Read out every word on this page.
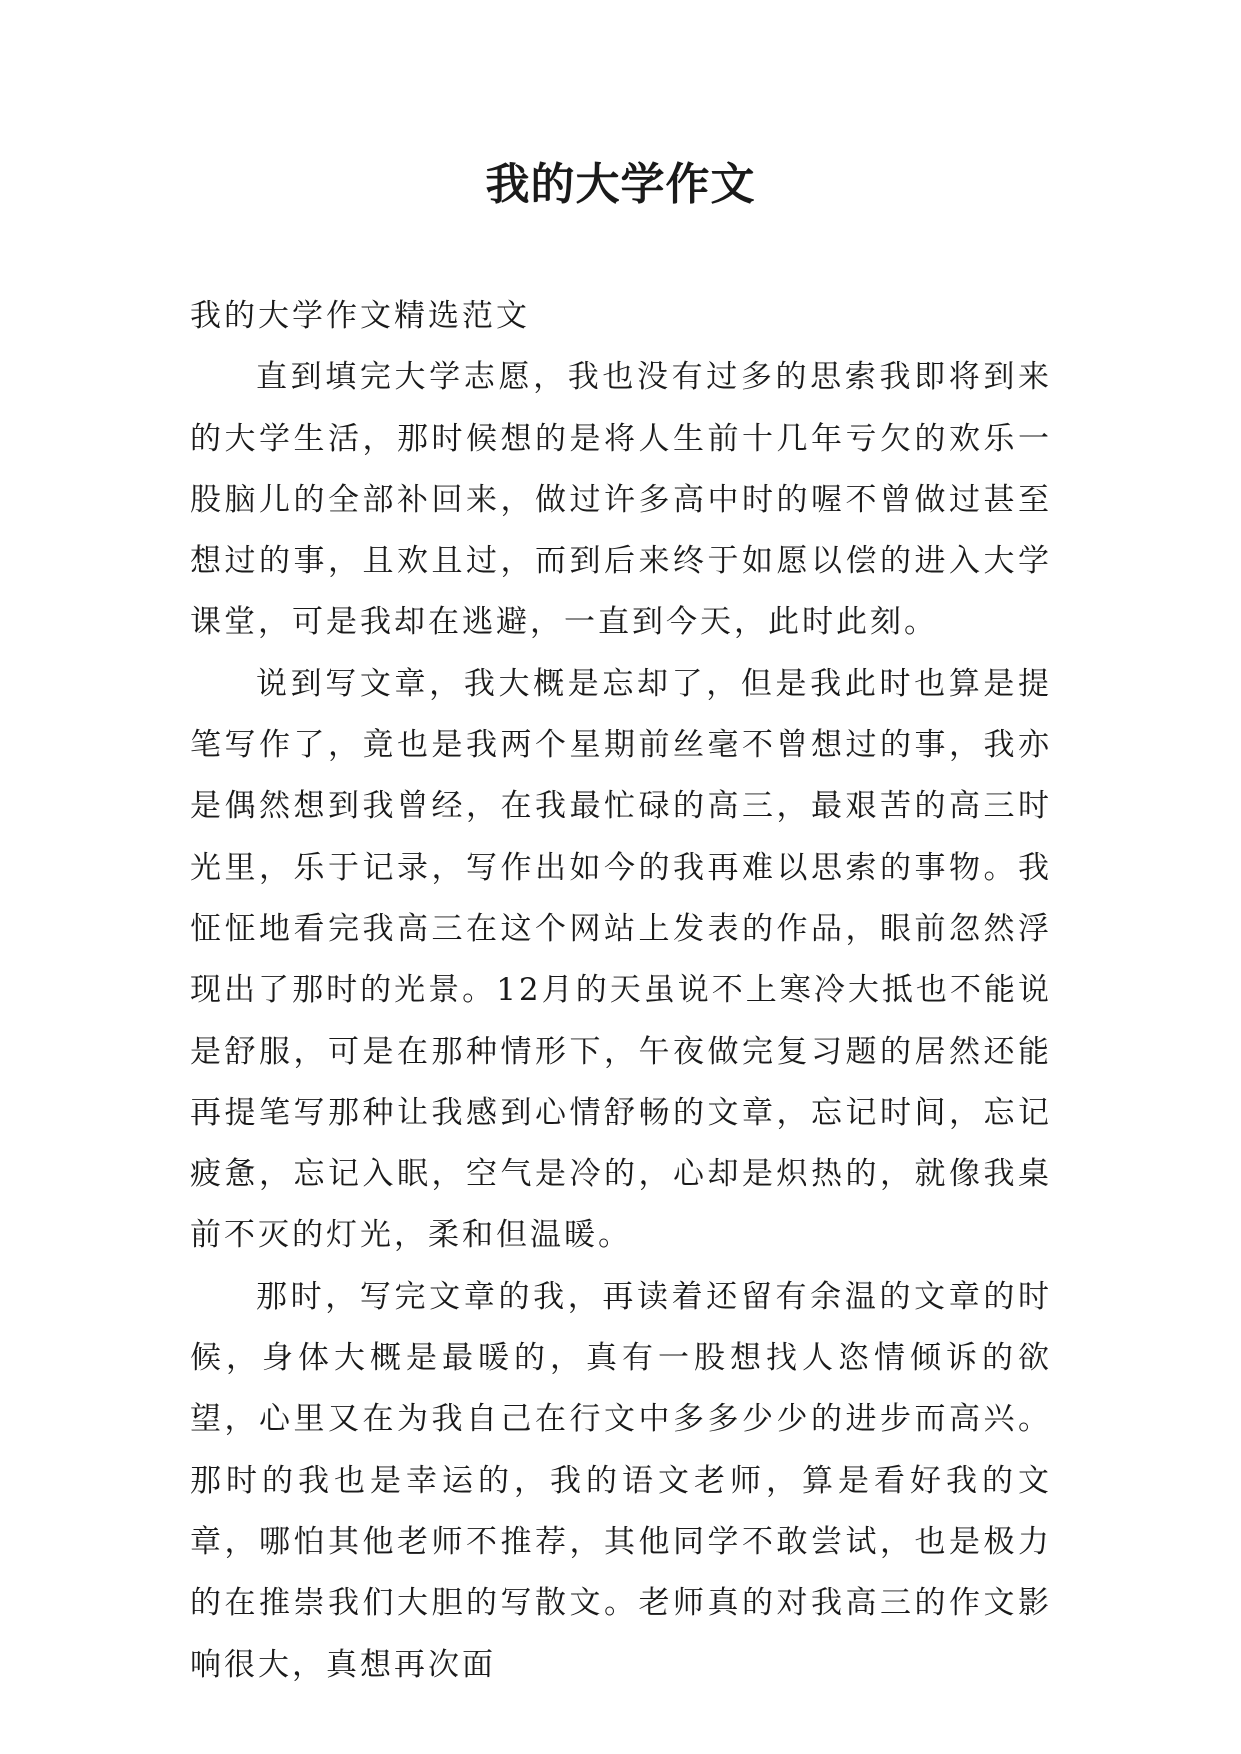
我的大学作文

我的大学作文精选范文

直到填完大学志愿，我也没有过多的思索我即将到来的大学生活，那时候想的是将人生前十几年亏欠的欢乐一股脑儿的全部补回来，做过许多高中时的喔不曾做过甚至想过的事，且欢且过，而到后来终于如愿以偿的进入大学课堂，可是我却在逃避，一直到今天，此时此刻。

说到写文章，我大概是忘却了，但是我此时也算是提笔写作了，竟也是我两个星期前丝毫不曾想过的事，我亦是偶然想到我曾经，在我最忙碌的高三，最艰苦的高三时光里，乐于记录，写作出如今的我再难以思索的事物。我怔怔地看完我高三在这个网站上发表的作品，眼前忽然浮现出了那时的光景。12月的天虽说不上寒冷大抵也不能说是舒服，可是在那种情形下，午夜做完复习题的居然还能再提笔写那种让我感到心情舒畅的文章，忘记时间，忘记疲惫，忘记入眠，空气是冷的，心却是炽热的，就像我桌前不灭的灯光，柔和但温暖。

那时，写完文章的我，再读着还留有余温的文章的时候，身体大概是最暖的，真有一股想找人恣情倾诉的欲望，心里又在为我自己在行文中多多少少的进步而高兴。那时的我也是幸运的，我的语文老师，算是看好我的文章，哪怕其他老师不推荐，其他同学不敢尝试，也是极力的在推崇我们大胆的写散文。老师真的对我高三的作文影响很大，真想再次面
